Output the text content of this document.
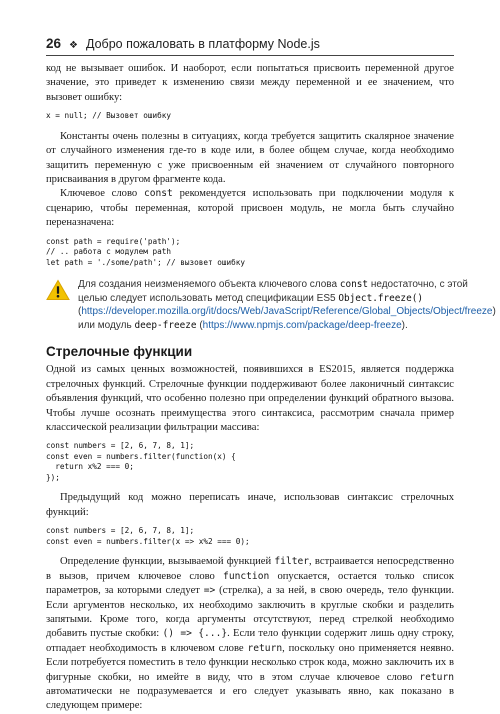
26 ❖ Добро пожаловать в платформу Node.js

код не вызывает ошибок. И наоборот, если попытаться присвоить переменной другое значение, это приведет к изменению связи между переменной и ее значением, что вызовет ошибку:

x = null; // Вызовет ошибку

Константы очень полезны в ситуациях, когда требуется защитить скалярное значение от случайного изменения где-то в коде или, в более общем случае, когда необходимо защитить переменную с уже присвоенным ей значением от случайного повторного присваивания в другом фрагменте кода.

Ключевое слово const рекомендуется использовать при подключении модуля к сценарию, чтобы переменная, которой присвоен модуль, не могла быть случайно переназначена:

const path = require('path');
// .. работа с модулем path
let path = './some/path'; // вызовет ошибку
Для создания неизменяемого объекта ключевого слова const недостаточно, с этой целью следует использовать метод спецификации ES5 Object.freeze() (https://developer.mozilla.org/it/docs/Web/JavaScript/Reference/Global_Objects/Object/freeze) или модуль deep-freeze (https://www.npmjs.com/package/deep-freeze).
Стрелочные функции

Одной из самых ценных возможностей, появившихся в ES2015, является поддержка стрелочных функций. Стрелочные функции поддерживают более лаконичный синтаксис объявления функций, что особенно полезно при определении функций обратного вызова. Чтобы лучше осознать преимущества этого синтаксиса, рассмотрим сначала пример классической реализации фильтрации массива:

const numbers = [2, 6, 7, 8, 1];
const even = numbers.filter(function(x) {
return x%2 === 0;
});

Предыдущий код можно переписать иначе, использовав синтаксис стрелочных функций:

const numbers = [2, 6, 7, 8, 1];
const even = numbers.filter(x => x%2 === 0);

Определение функции, вызываемой функцией filter, встраивается непосредственно в вызов, причем ключевое слово function опускается, остается только список параметров, за которыми следует => (стрелка), а за ней, в свою очередь, тело функции. Если аргументов несколько, их необходимо заключить в круглые скобки и разделить запятыми. Кроме того, когда аргументы отсутствуют, перед стрелкой необходимо добавить пустые скобки: () => {...}. Если тело функции содержит лишь одну строку, отпадает необходимость в ключевом слове return, поскольку оно применяется неявно. Если потребуется поместить в тело функции несколько строк кода, можно заключить их в фигурные скобки, но имейте в виду, что в этом случае ключевое слово return автоматически не подразумевается и его следует указывать явно, как показано в следующем примере:
